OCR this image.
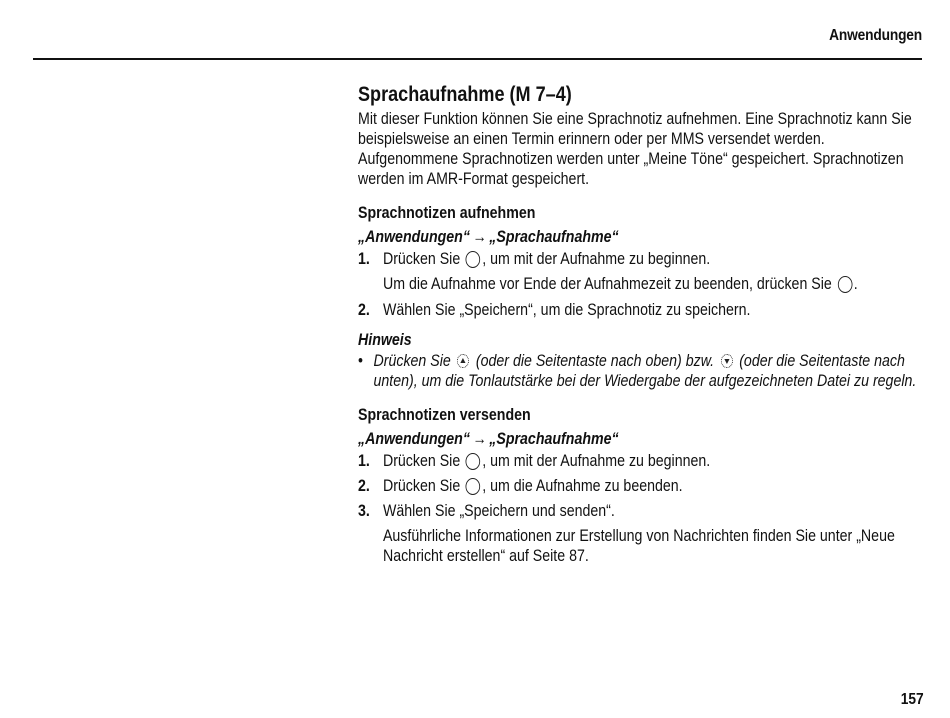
Anwendungen
Sprachaufnahme (M 7–4)

Mit dieser Funktion können Sie eine Sprachnotiz aufnehmen. Eine Sprachnotiz kann Sie beispielsweise an einen Termin erinnern oder per MMS versendet werden. Aufgenommene Sprachnotizen werden unter „Meine Töne“ gespeichert. Sprachnotizen werden im AMR-Format gespeichert.

Sprachnotizen aufnehmen
„Anwendungen“ → „Sprachaufnahme“
1. Drücken Sie , um mit der Aufnahme zu beginnen.
Um die Aufnahme vor Ende der Aufnahmezeit zu beenden, drücken Sie .
2. Wählen Sie „Speichern“, um die Sprachnotiz zu speichern.
Hinweis
• Drücken Sie (oder die Seitentaste nach oben) bzw. (oder die Seitentaste nach unten), um die Tonlautstärke bei der Wiedergabe der aufgezeichneten Datei zu regeln.
Sprachnotizen versenden
„Anwendungen“ → „Sprachaufnahme“
1. Drücken Sie , um mit der Aufnahme zu beginnen.
2. Drücken Sie , um die Aufnahme zu beenden.
3. Wählen Sie „Speichern und senden“.
Ausführliche Informationen zur Erstellung von Nachrichten finden Sie unter „Neue Nachricht erstellen“ auf Seite 87.
157
